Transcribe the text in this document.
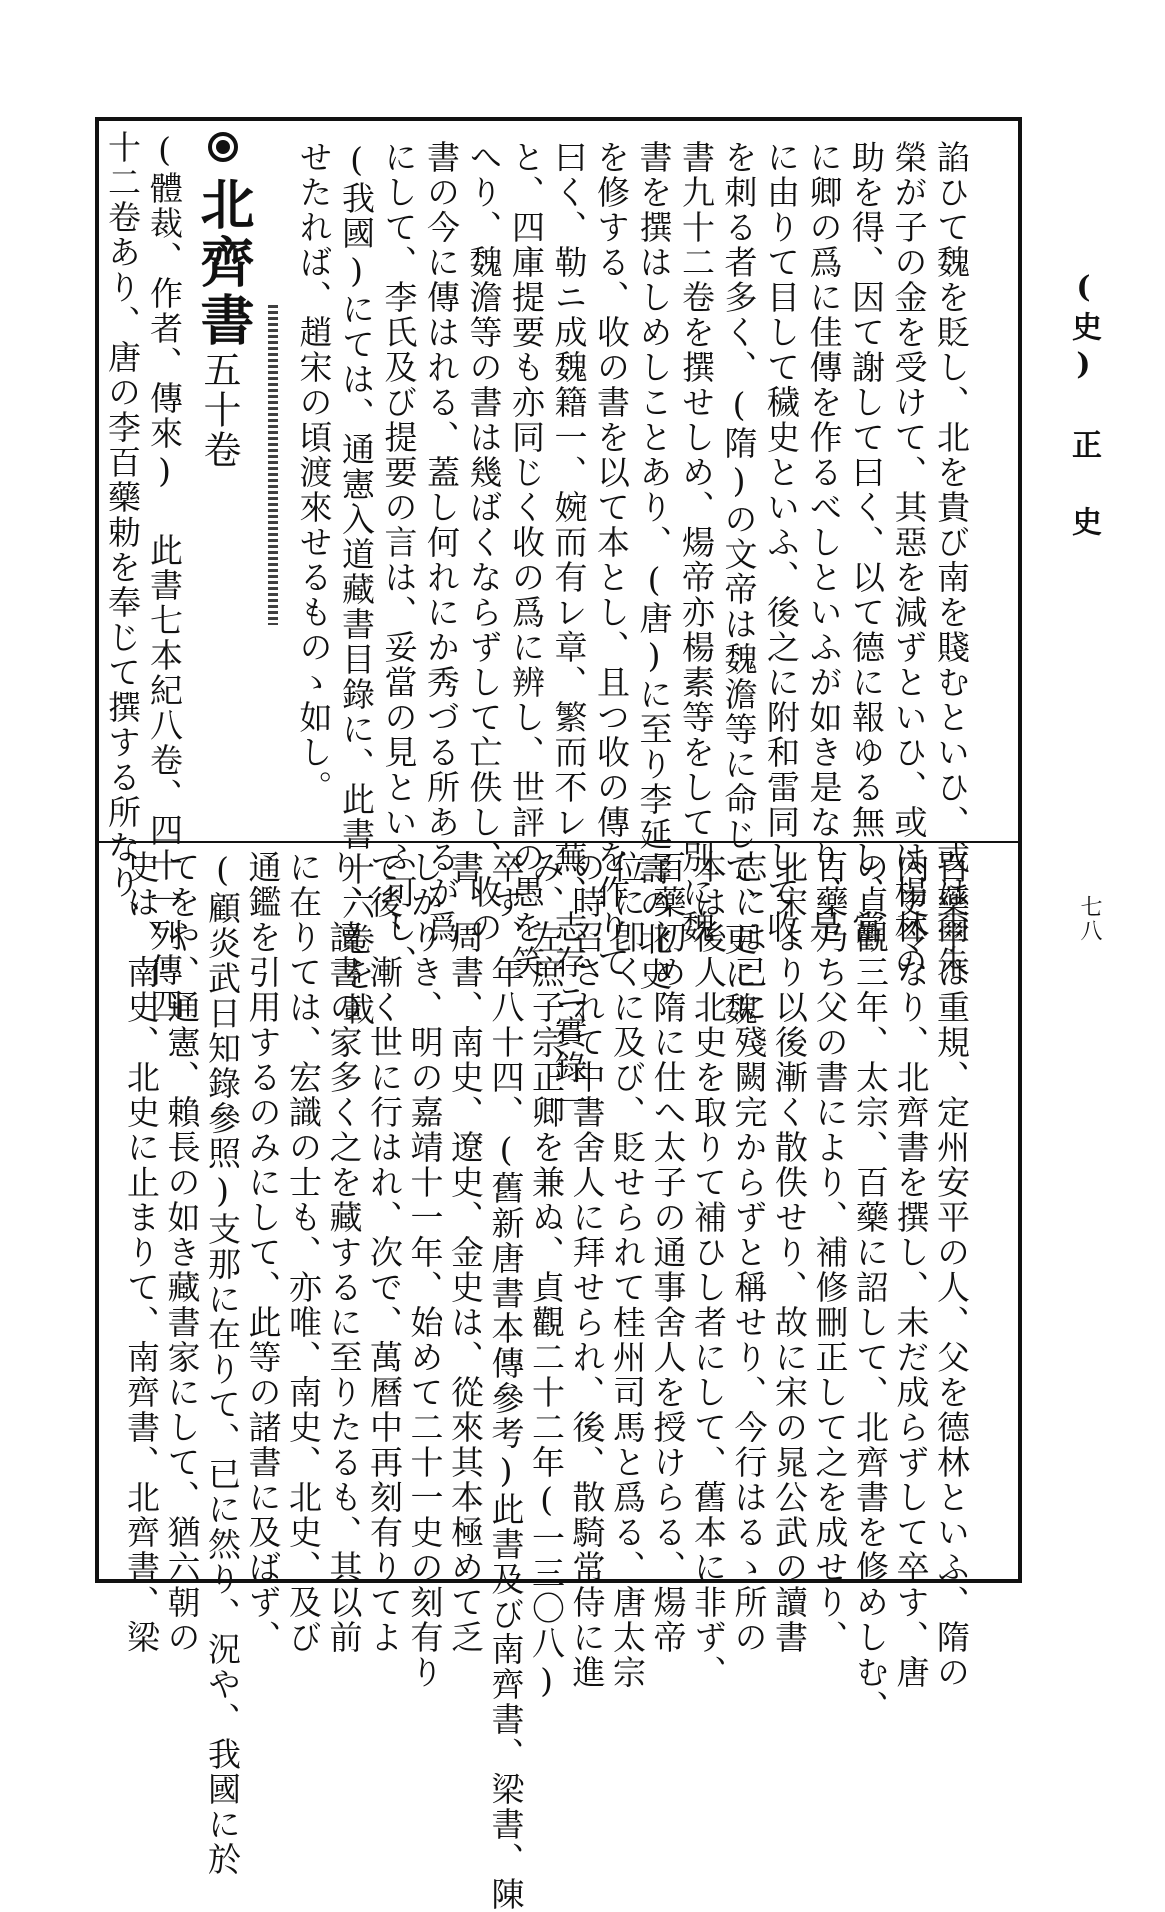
(史) 正 史
七八
諂ひて魏を貶し、北を貴び南を賤むといひ、或は爾朱
榮が子の金を受けて、其惡を減ずといひ、或は楊林の
助を得、因て謝して曰く、以て德に報ゆる無し、當
に卿の爲に佳傳を作るべしといふが如き是なり、是
に由りて目して穢史といふ、後之に附和雷同して收
を刺る者多く、(隋)の文帝は魏澹等に命じて、更に魏
書九十二卷を撰せしめ、煬帝亦楊素等をして別に魏
書を撰はしめしことあり、(唐)に至り李延壽の北史
を修する、收の書を以て本とし、且つ收の傳を作りて
曰く、勒ニ成魏籍一、婉而有レ章、繁而不レ蕪、志存ニ實錄一
と、四庫提要も亦同じく收の爲に辨し、世評の愚を笑
へり、魏澹等の書は幾ばくならずして亡佚し、收の
書の今に傳はれる、蓋し何れにか秀づる所あるが爲
にして、李氏及び提要の言は、妥當の見といふ可し、
(我國)にては、通憲入道藏書目錄に、此書十六卷を載
せたれば、趙宋の頃渡來せるものゝ如し。
北齊書
五十卷
(體裁、作者、傳來) 此書七本紀八卷、四十一列傳四
十二卷あり、唐の李百藥勅を奉じて撰する所なり、
百藥字は重規、定州安平の人、父を德林といふ、隋の
內史令なり、北齊書を撰し、未だ成らずして卒す、唐
の貞觀三年、太宗、百藥に詔して、北齊書を修めしむ、
百藥乃ち父の書により、補修刪正して之を成せり、
北宋より以後漸く散佚せり、故に宋の晁公武の讀書
志には已に殘闕完からずと稱せり、今行はるゝ所の
本は後人北史を取りて補ひし者にして、舊本に非ず、
百藥初め隋に仕へ太子の通事舍人を授けらる、煬帝
位に卽くに及び、貶せられて桂州司馬と爲る、唐太宗
の時召されて中書舍人に拜せられ、後、散騎常侍に進
み、左庶子宗正卿を兼ぬ、貞觀二十二年(一三〇八)
卒す、年八十四、(舊新唐書本傳參考)此書及び南齊書、梁書、陳
書、周書、南史、遼史、金史は、從來其本極めて乏
しかりき、明の嘉靖十一年、始めて二十一史の刻有り
て後、漸く世に行はれ、次で、萬曆中再刻有りてよ
り、讀書の家多く之を藏するに至りたるも、其以前
に在りては、宏識の士も、亦唯、南史、北史、及び
通鑑を引用するのみにして、此等の諸書に及ばず、
(顧炎武日知錄參照)支那に在りて、已に然り、況や、我國に於
てをや、通憲、賴長の如き藏書家にして、猶六朝の
史は、南史、北史に止まりて、南齊書、北齊書、梁
